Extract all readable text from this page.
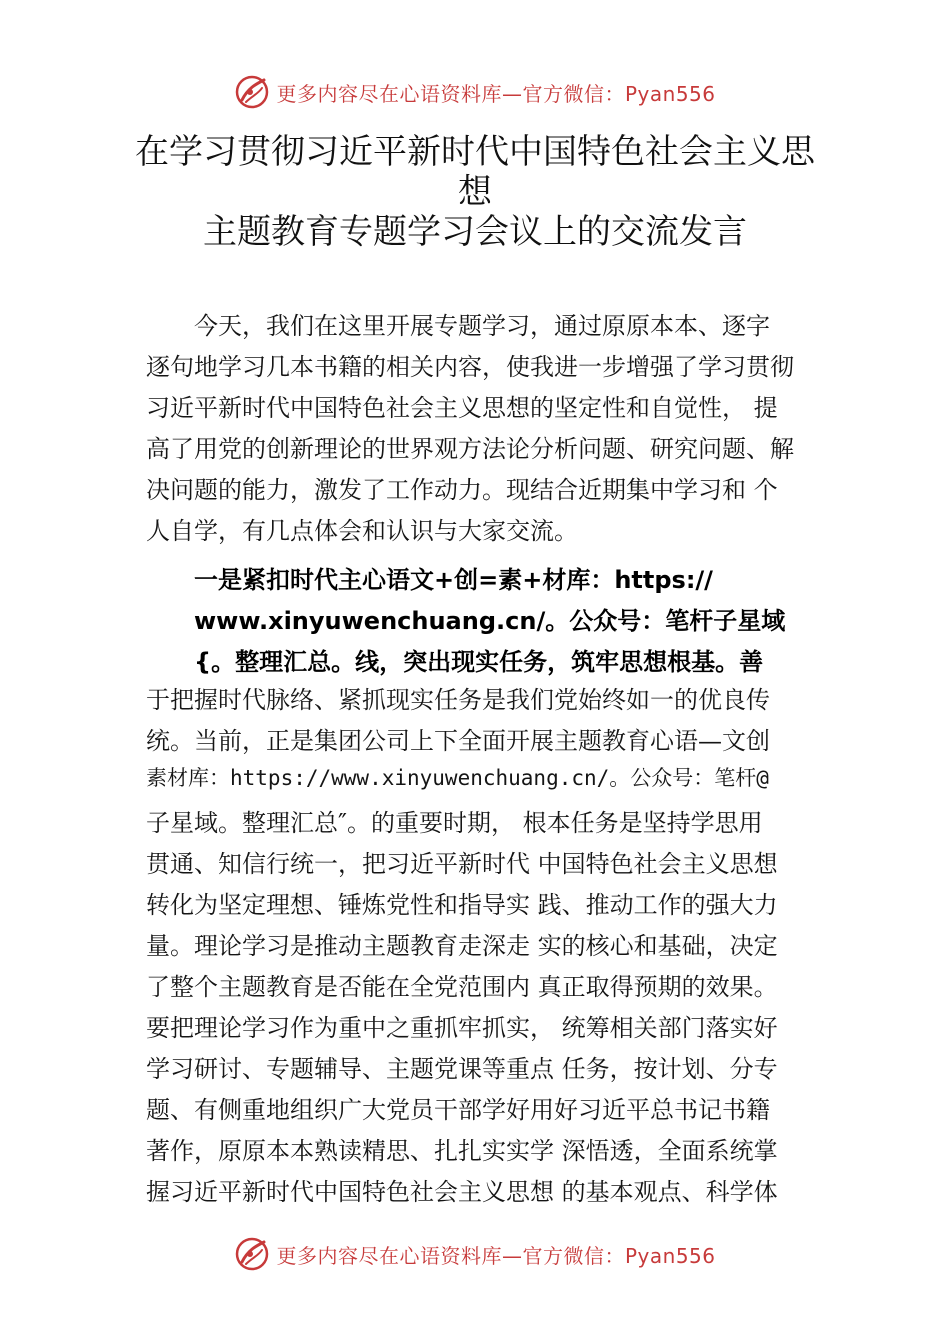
更多内容尽在心语资料库—官方微信：Pyan556
在学习贯彻习近平新时代中国特色社会主义思
想
主题教育专题学习会议上的交流发言
今天，我们在这里开展专题学习，通过原原本本、逐字
逐句地学习几本书籍的相关内容，使我进一步增强了学习贯彻
习近平新时代中国特色社会主义思想的坚定性和自觉性， 提
高了用党的创新理论的世界观方法论分析问题、研究问题、解
决问题的能力，激发了工作动力。现结合近期集中学习和 个
人自学，有几点体会和认识与大家交流。
一是紧扣时代主心语文+创=素+材库：https://
www.xinyuwenchuang.cn/。公众号：笔杆子星域
{。整理汇总。线，突出现实任务，筑牢思想根基。善
于把握时代脉络、紧抓现实任务是我们党始终如一的优良传
统。当前，正是集团公司上下全面开展主题教育心语—文创
素材库：https://www.xinyuwenchuang.cn/。公众号：笔杆@
子星域。整理汇总″。的重要时期， 根本任务是坚持学思用
贯通、知信行统一，把习近平新时代 中国特色社会主义思想
转化为坚定理想、锤炼党性和指导实 践、推动工作的强大力
量。理论学习是推动主题教育走深走 实的核心和基础，决定
了整个主题教育是否能在全党范围内 真正取得预期的效果。
要把理论学习作为重中之重抓牢抓实， 统筹相关部门落实好
学习研讨、专题辅导、主题党课等重点 任务，按计划、分专
题、有侧重地组织广大党员干部学好用好习近平总书记书籍
著作，原原本本熟读精思、扎扎实实学 深悟透，全面系统掌
握习近平新时代中国特色社会主义思想 的基本观点、科学体
更多内容尽在心语资料库—官方微信：Pyan556
